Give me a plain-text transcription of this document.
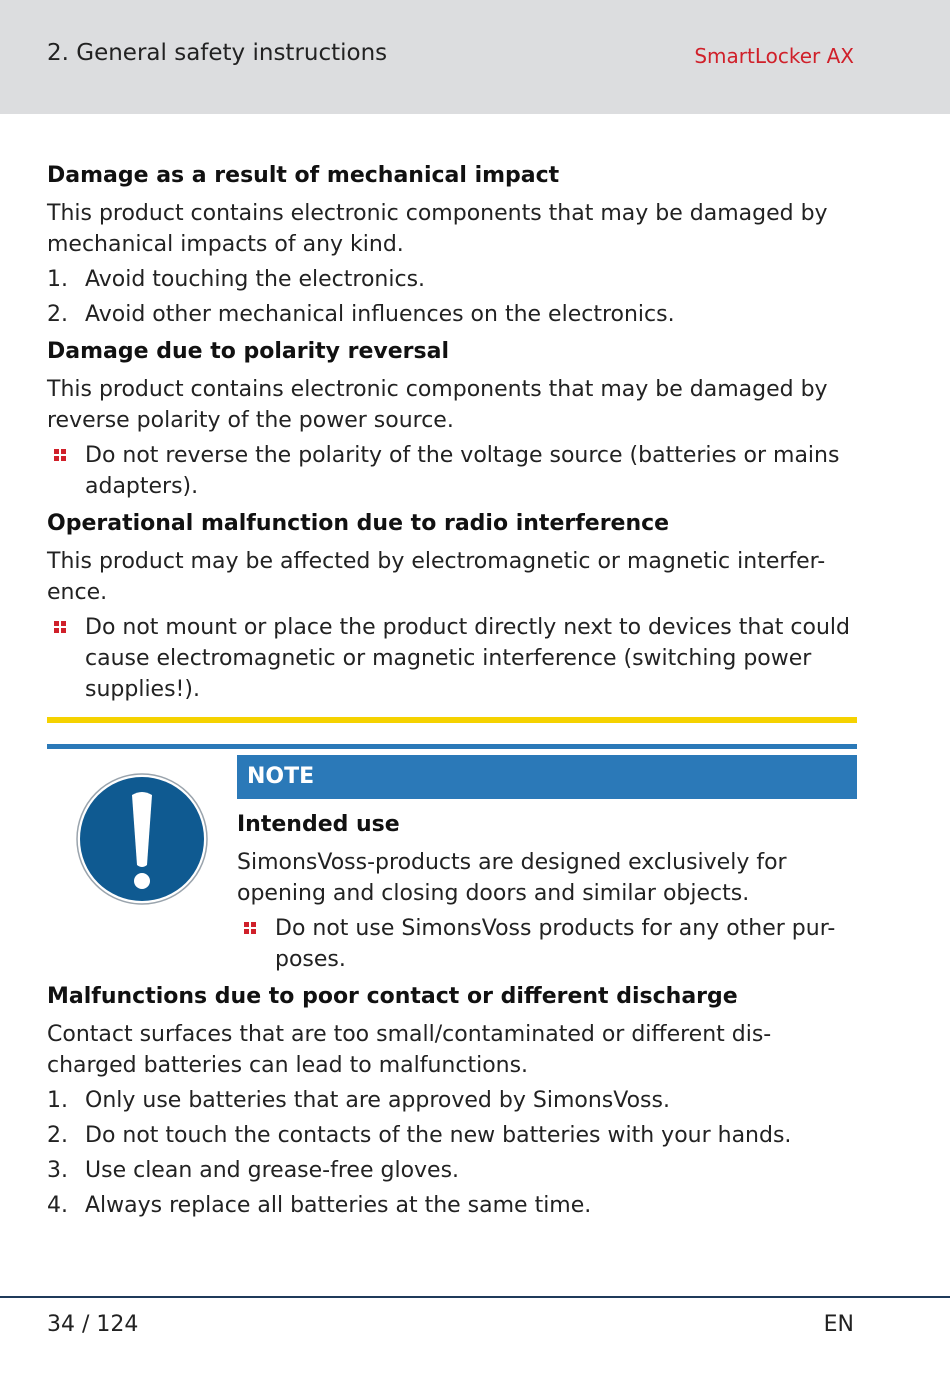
2. General safety instructions	SmartLocker AX
Damage as a result of mechanical impact

This product contains electronic components that may be damaged by mechanical impacts of any kind.

1. Avoid touching the electronics.
2. Avoid other mechanical influences on the electronics.
Damage due to polarity reversal

This product contains electronic components that may be damaged by reverse polarity of the power source.

Do not reverse the polarity of the voltage source (batteries or mains adapters).
Operational malfunction due to radio interference

This product may be affected by electromagnetic or magnetic interfer-ence.

Do not mount or place the product directly next to devices that could cause electromagnetic or magnetic interference (switching power supplies!).
NOTE
Intended use

SimonsVoss-products are designed exclusively for opening and closing doors and similar objects.

Do not use SimonsVoss products for any other pur-poses.
Malfunctions due to poor contact or different discharge

Contact surfaces that are too small/contaminated or different dis-charged batteries can lead to malfunctions.

1. Only use batteries that are approved by SimonsVoss.
2. Do not touch the contacts of the new batteries with your hands.
3. Use clean and grease-free gloves.
4. Always replace all batteries at the same time.
34 / 124	EN
